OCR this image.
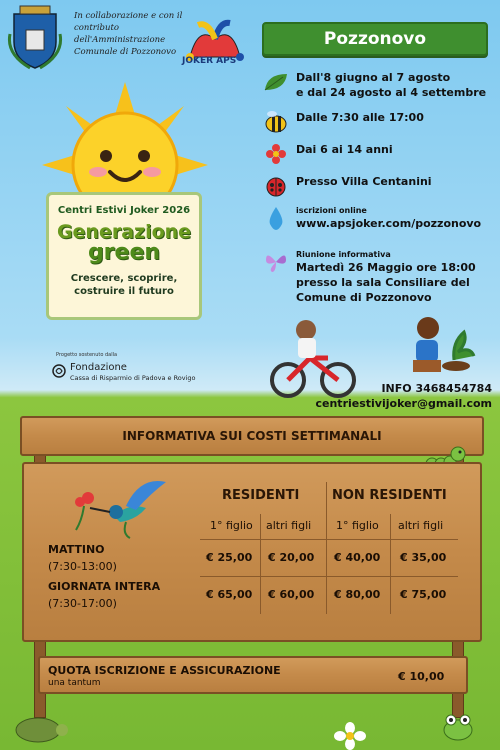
In collaborazione e con il contributo dell'Amministrazione Comunale di Pozzonovo
JOKER APS
Pozzonovo
Dall'8 giugno al 7 agosto
e dal 24 agosto al 4 settembre
Dalle 7:30 alle 17:00
Dai 6 ai 14 anni
Presso Villa Centanini
iscrizioni online
www.apsjoker.com/pozzonovo
Riunione informativa
Martedì 26 Maggio ore 18:00
presso la sala Consiliare del
Comune di Pozzonovo
Centri Estivi Joker 2026
Generazione
green
Crescere, scoprire,
costruire il futuro
Progetto sostenuto dalla
Fondazione
Cassa di Risparmio di Padova e Rovigo
INFO 3468454784
centriestivijoker@gmail.com
INFORMATIVA SUI COSTI SETTIMANALI
RESIDENTI	NON RESIDENTI
1° figlio altri figli 1° figlio altri figli
MATTINO
(7:30-13:00)
€ 25,00 € 20,00 € 40,00 € 35,00
GIORNATA INTERA
(7:30-17:00)
€ 65,00 € 60,00 € 80,00 € 75,00
QUOTA ISCRIZIONE E ASSICURAZIONE
una tantum	€ 10,00
